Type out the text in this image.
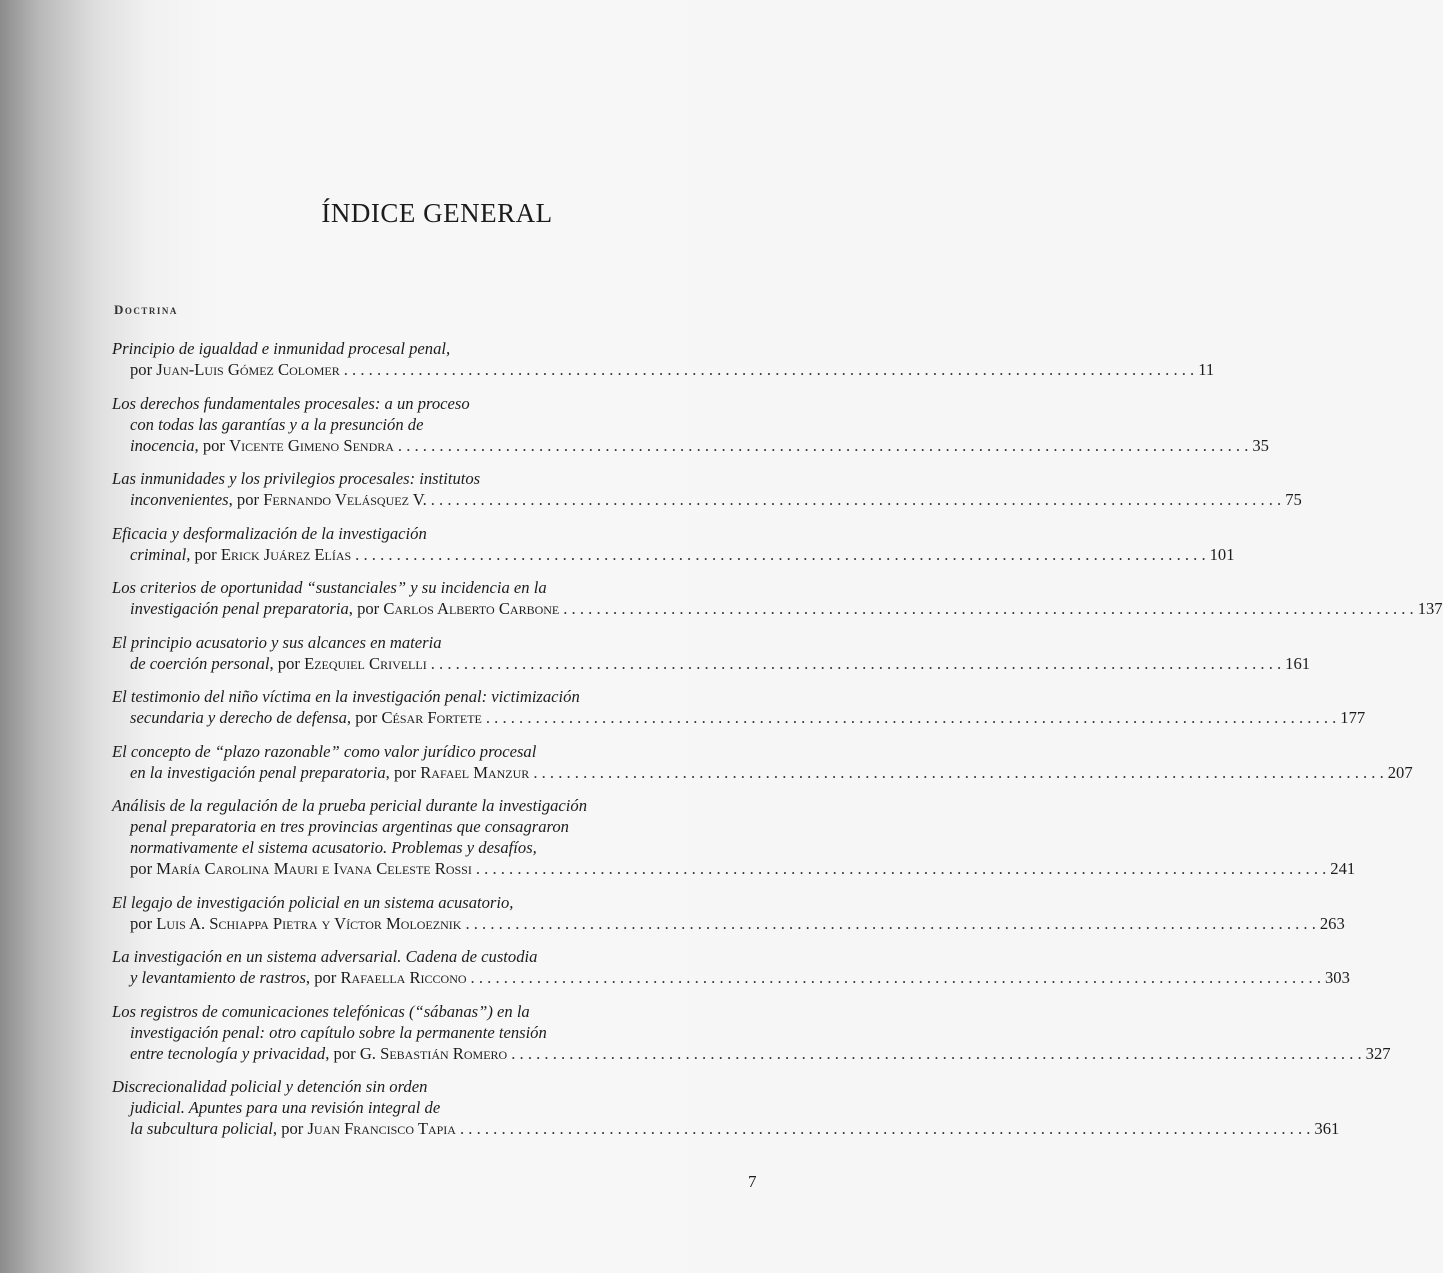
ÍNDICE GENERAL
Doctrina
Principio de igualdad e inmunidad procesal penal,
por Juan-Luis Gómez Colomer . . .	11
Los derechos fundamentales procesales: a un proceso
con todas las garantías y a la presunción de
inocencia, por Vicente Gimeno Sendra . . .	35
Las inmunidades y los privilegios procesales: institutos
inconvenientes, por Fernando Velásquez V. . . .	75
Eficacia y desformalización de la investigación
criminal, por Erick Juárez Elías . . .	101
Los criterios de oportunidad “sustanciales” y su incidencia en la
investigación penal preparatoria, por Carlos Alberto Carbone . . .	137
El principio acusatorio y sus alcances en materia
de coerción personal, por Ezequiel Crivelli . . .	161
El testimonio del niño víctima en la investigación penal: victimización
secundaria y derecho de defensa, por César Fortete . . .	177
El concepto de “plazo razonable” como valor jurídico procesal
en la investigación penal preparatoria, por Rafael Manzur . . .	207
Análisis de la regulación de la prueba pericial durante la investigación
penal preparatoria en tres provincias argentinas que consagraron
normativamente el sistema acusatorio. Problemas y desafíos,
por María Carolina Mauri e Ivana Celeste Rossi . . .	241
El legajo de investigación policial en un sistema acusatorio,
por Luis A. Schiappa Pietra y Víctor Moloeznik . . .	263
La investigación en un sistema adversarial. Cadena de custodia
y levantamiento de rastros, por Rafaella Riccono . . .	303
Los registros de comunicaciones telefónicas (“sábanas”) en la
investigación penal: otro capítulo sobre la permanente tensión
entre tecnología y privacidad, por G. Sebastián Romero . . .	327
Discrecionalidad policial y detención sin orden
judicial. Apuntes para una revisión integral de
la subcultura policial, por Juan Francisco Tapia . . .	361
7
